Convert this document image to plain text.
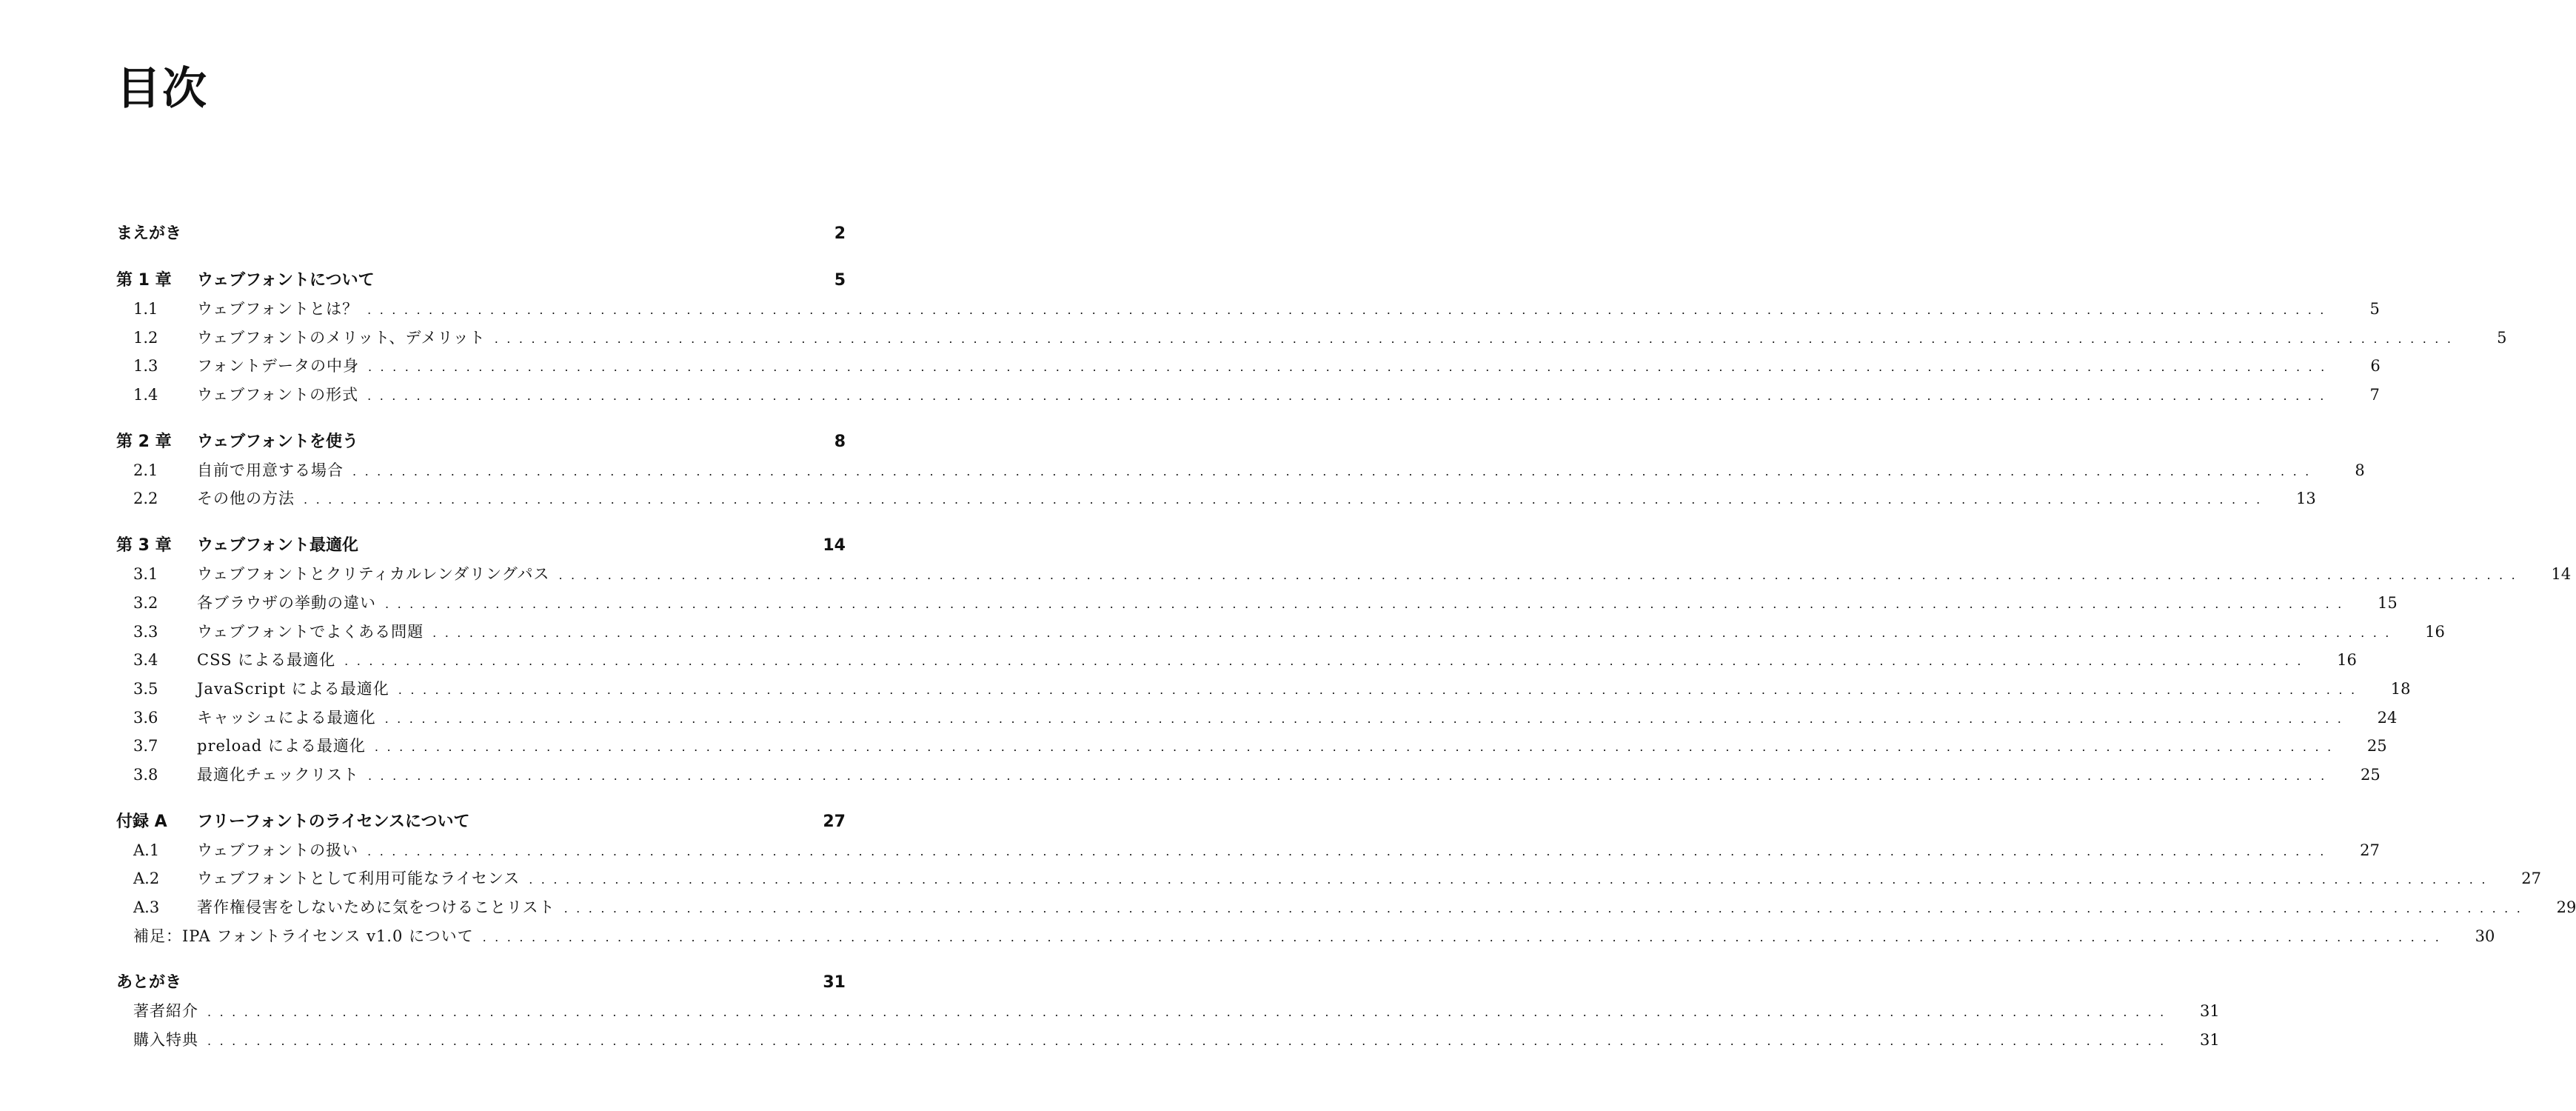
目次
まえがき	2
第 1 章	ウェブフォントについて	5
1.1	ウェブフォントとは？ ................................................................................................................................................................	5
1.2	ウェブフォントのメリット、デメリット ................................................................................................................................................................	5
1.3	フォントデータの中身 ................................................................................................................................................................	6
1.4	ウェブフォントの形式 ................................................................................................................................................................	7
第 2 章	ウェブフォントを使う	8
2.1	自前で用意する場合 ................................................................................................................................................................	8
2.2	その他の方法 ................................................................................................................................................................	13
第 3 章	ウェブフォント最適化	14
3.1	ウェブフォントとクリティカルレンダリングパス ................................................................................................................................................................	14
3.2	各ブラウザの挙動の違い ................................................................................................................................................................	15
3.3	ウェブフォントでよくある問題 ................................................................................................................................................................	16
3.4	CSS による最適化 ................................................................................................................................................................	16
3.5	JavaScript による最適化 ................................................................................................................................................................	18
3.6	キャッシュによる最適化 ................................................................................................................................................................	24
3.7	preload による最適化 ................................................................................................................................................................	25
3.8	最適化チェックリスト ................................................................................................................................................................	25
付録 A	フリーフォントのライセンスについて	27
A.1	ウェブフォントの扱い ................................................................................................................................................................	27
A.2	ウェブフォントとして利用可能なライセンス ................................................................................................................................................................	27
A.3	著作権侵害をしないために気をつけることリスト ................................................................................................................................................................	29
補足：IPA フォントライセンス v1.0 について ................................................................................................................................................................	30
あとがき	31
著者紹介 ................................................................................................................................................................	31
購入特典 ................................................................................................................................................................	31
